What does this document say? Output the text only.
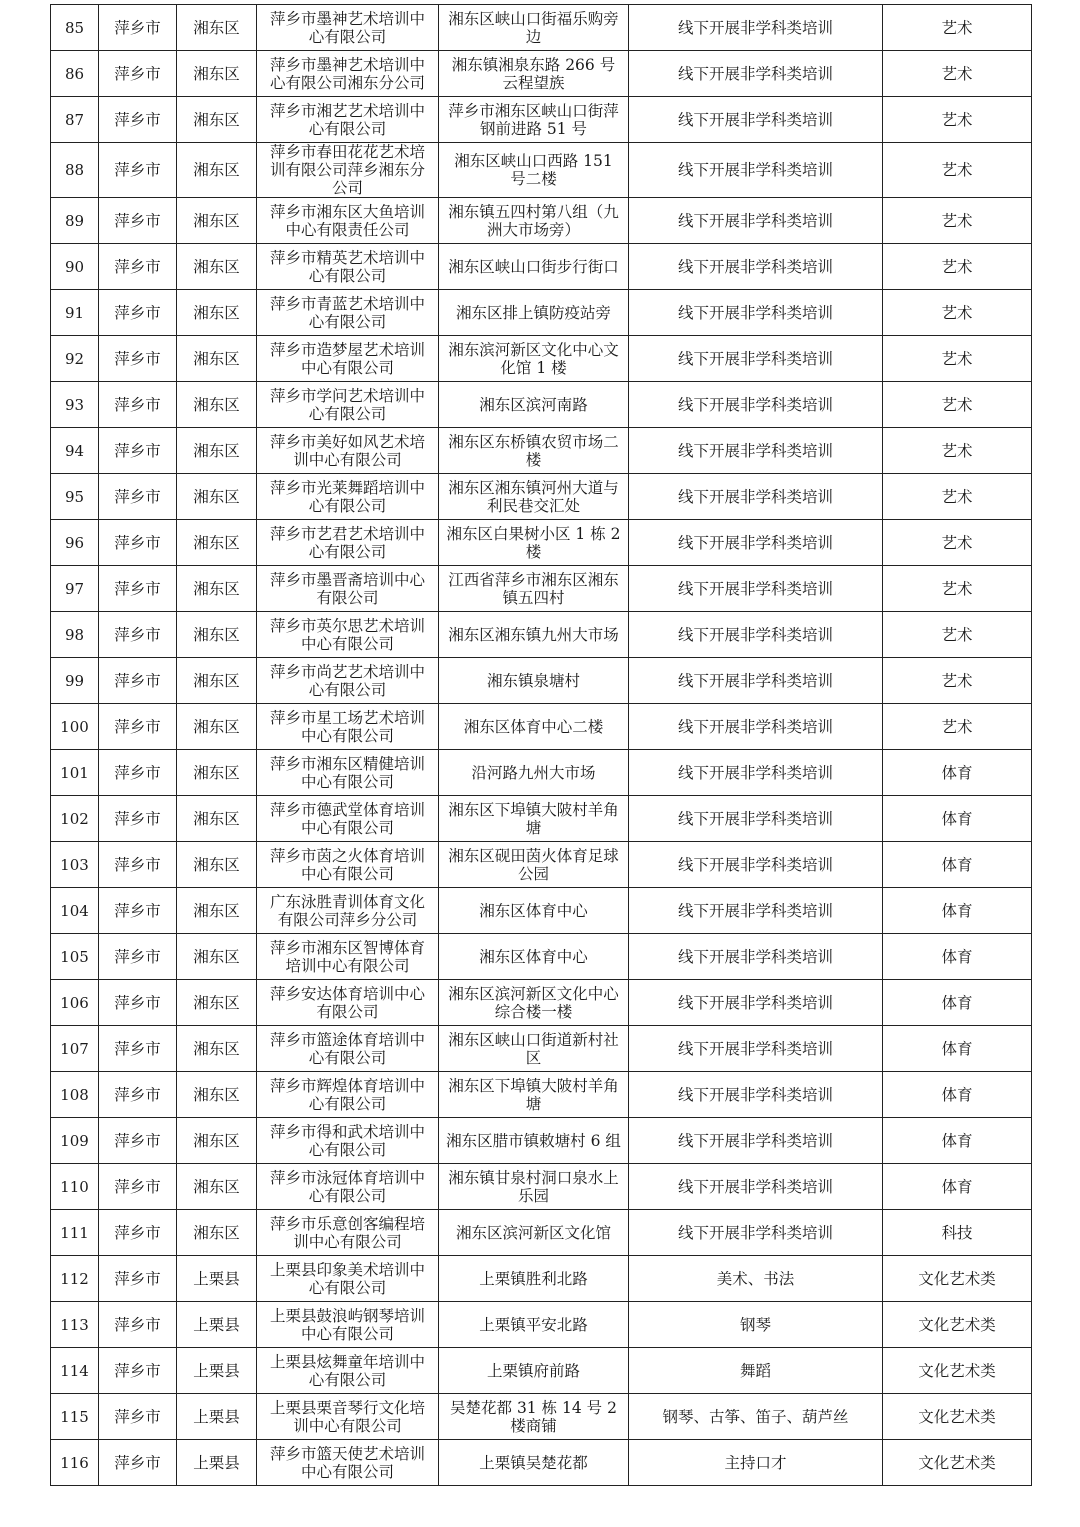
85	萍乡市	湘东区	萍乡市墨神艺术培训中心有限公司	湘东区峡山口街福乐购旁边	线下开展非学科类培训	艺术
86	萍乡市	湘东区	萍乡市墨神艺术培训中心有限公司湘东分公司	湘东镇湘泉东路 266 号云程望族	线下开展非学科类培训	艺术
87	萍乡市	湘东区	萍乡市湘艺艺术培训中心有限公司	萍乡市湘东区峡山口街萍钢前进路 51 号	线下开展非学科类培训	艺术
88	萍乡市	湘东区	萍乡市春田花花艺术培训有限公司萍乡湘东分公司	湘东区峡山口西路 151 号二楼	线下开展非学科类培训	艺术
89	萍乡市	湘东区	萍乡市湘东区大鱼培训中心有限责任公司	湘东镇五四村第八组（九洲大市场旁）	线下开展非学科类培训	艺术
90	萍乡市	湘东区	萍乡市精英艺术培训中心有限公司	湘东区峡山口街步行街口	线下开展非学科类培训	艺术
91	萍乡市	湘东区	萍乡市青蓝艺术培训中心有限公司	湘东区排上镇防疫站旁	线下开展非学科类培训	艺术
92	萍乡市	湘东区	萍乡市造梦屋艺术培训中心有限公司	湘东滨河新区文化中心文化馆 1 楼	线下开展非学科类培训	艺术
93	萍乡市	湘东区	萍乡市学问艺术培训中心有限公司	湘东区滨河南路	线下开展非学科类培训	艺术
94	萍乡市	湘东区	萍乡市美好如风艺术培训中心有限公司	湘东区东桥镇农贸市场二楼	线下开展非学科类培训	艺术
95	萍乡市	湘东区	萍乡市光莱舞蹈培训中心有限公司	湘东区湘东镇河州大道与利民巷交汇处	线下开展非学科类培训	艺术
96	萍乡市	湘东区	萍乡市艺君艺术培训中心有限公司	湘东区白果树小区 1 栋 2 楼	线下开展非学科类培训	艺术
97	萍乡市	湘东区	萍乡市墨晋斋培训中心有限公司	江西省萍乡市湘东区湘东镇五四村	线下开展非学科类培训	艺术
98	萍乡市	湘东区	萍乡市英尔思艺术培训中心有限公司	湘东区湘东镇九州大市场	线下开展非学科类培训	艺术
99	萍乡市	湘东区	萍乡市尚艺艺术培训中心有限公司	湘东镇泉塘村	线下开展非学科类培训	艺术
100	萍乡市	湘东区	萍乡市星工场艺术培训中心有限公司	湘东区体育中心二楼	线下开展非学科类培训	艺术
101	萍乡市	湘东区	萍乡市湘东区精健培训中心有限公司	沿河路九州大市场	线下开展非学科类培训	体育
102	萍乡市	湘东区	萍乡市德武堂体育培训中心有限公司	湘东区下埠镇大陂村羊角塘	线下开展非学科类培训	体育
103	萍乡市	湘东区	萍乡市茵之火体育培训中心有限公司	湘东区砚田茵火体育足球公园	线下开展非学科类培训	体育
104	萍乡市	湘东区	广东泳胜青训体育文化有限公司萍乡分公司	湘东区体育中心	线下开展非学科类培训	体育
105	萍乡市	湘东区	萍乡市湘东区智博体育培训中心有限公司	湘东区体育中心	线下开展非学科类培训	体育
106	萍乡市	湘东区	萍乡安达体育培训中心有限公司	湘东区滨河新区文化中心综合楼一楼	线下开展非学科类培训	体育
107	萍乡市	湘东区	萍乡市篮途体育培训中心有限公司	湘东区峡山口街道新村社区	线下开展非学科类培训	体育
108	萍乡市	湘东区	萍乡市辉煌体育培训中心有限公司	湘东区下埠镇大陂村羊角塘	线下开展非学科类培训	体育
109	萍乡市	湘东区	萍乡市得和武术培训中心有限公司	湘东区腊市镇敕塘村 6 组	线下开展非学科类培训	体育
110	萍乡市	湘东区	萍乡市泳冠体育培训中心有限公司	湘东镇甘泉村洞口泉水上乐园	线下开展非学科类培训	体育
111	萍乡市	湘东区	萍乡市乐意创客编程培训中心有限公司	湘东区滨河新区文化馆	线下开展非学科类培训	科技
112	萍乡市	上栗县	上栗县印象美术培训中心有限公司	上栗镇胜利北路	美术、书法	文化艺术类
113	萍乡市	上栗县	上栗县鼓浪屿钢琴培训中心有限公司	上栗镇平安北路	钢琴	文化艺术类
114	萍乡市	上栗县	上栗县炫舞童年培训中心有限公司	上栗镇府前路	舞蹈	文化艺术类
115	萍乡市	上栗县	上栗县栗音琴行文化培训中心有限公司	吴楚花都 31 栋 14 号 2 楼商铺	钢琴、古筝、笛子、葫芦丝	文化艺术类
116	萍乡市	上栗县	萍乡市篮天使艺术培训中心有限公司	上栗镇吴楚花都	主持口才	文化艺术类
